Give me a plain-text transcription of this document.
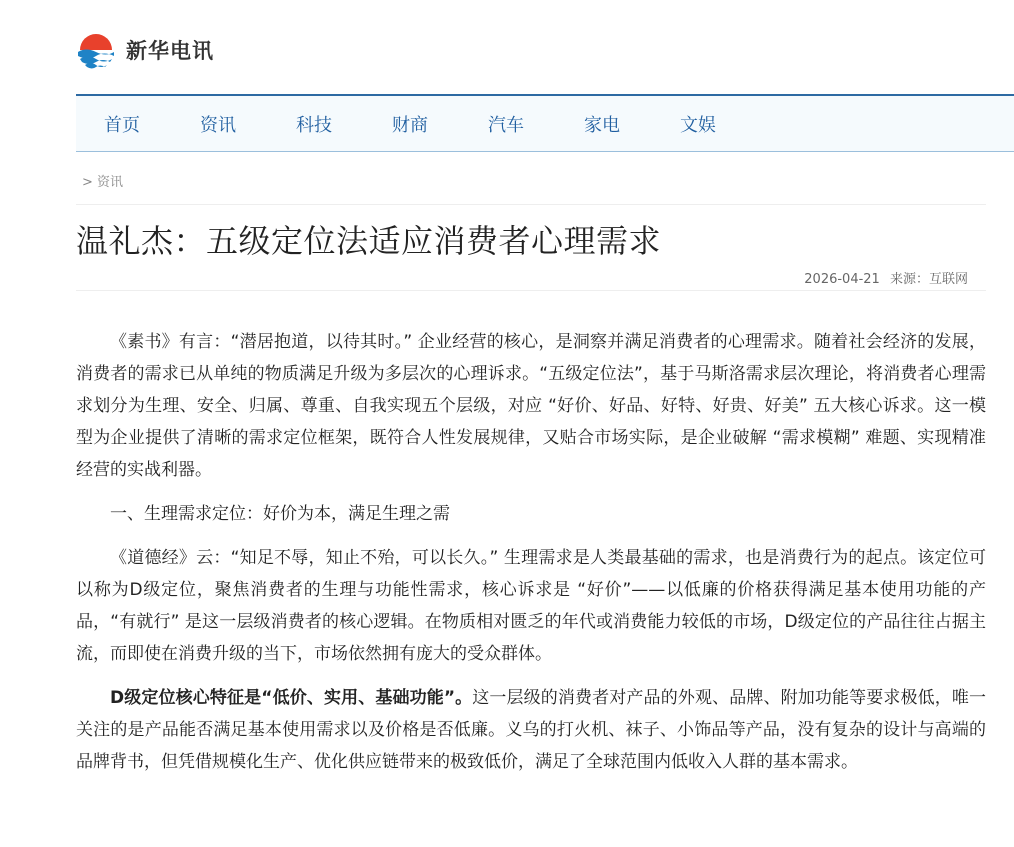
新华电讯
首页	资讯	科技	财商	汽车	家电	文娱
> 资讯
温礼杰：五级定位法适应消费者心理需求
2026-04-21 来源：互联网

《素书》有言：“潜居抱道，以待其时。” 企业经营的核心，是洞察并满足消费者的心理需求。随着社会经济的发展，消费者的需求已从单纯的物质满足升级为多层次的心理诉求。“五级定位法”，基于马斯洛需求层次理论，将消费者心理需求划分为生理、安全、归属、尊重、自我实现五个层级，对应 “好价、好品、好特、好贵、好美” 五大核心诉求。这一模型为企业提供了清晰的需求定位框架，既符合人性发展规律，又贴合市场实际，是企业破解 “需求模糊” 难题、实现精准经营的实战利器。

一、生理需求定位：好价为本，满足生理之需

《道德经》云：“知足不辱，知止不殆，可以长久。” 生理需求是人类最基础的需求，也是消费行为的起点。该定位可以称为D级定位，聚焦消费者的生理与功能性需求，核心诉求是 “好价”——以低廉的价格获得满足基本使用功能的产品，“有就行” 是这一层级消费者的核心逻辑。在物质相对匮乏的年代或消费能力较低的市场，D级定位的产品往往占据主流，而即使在消费升级的当下，市场依然拥有庞大的受众群体。

D级定位核心特征是“低价、实用、基础功能”。这一层级的消费者对产品的外观、品牌、附加功能等要求极低，唯一关注的是产品能否满足基本使用需求以及价格是否低廉。义乌的打火机、袜子、小饰品等产品，没有复杂的设计与高端的品牌背书，但凭借规模化生产、优化供应链带来的极致低价，满足了全球范围内低收入人群的基本需求。
